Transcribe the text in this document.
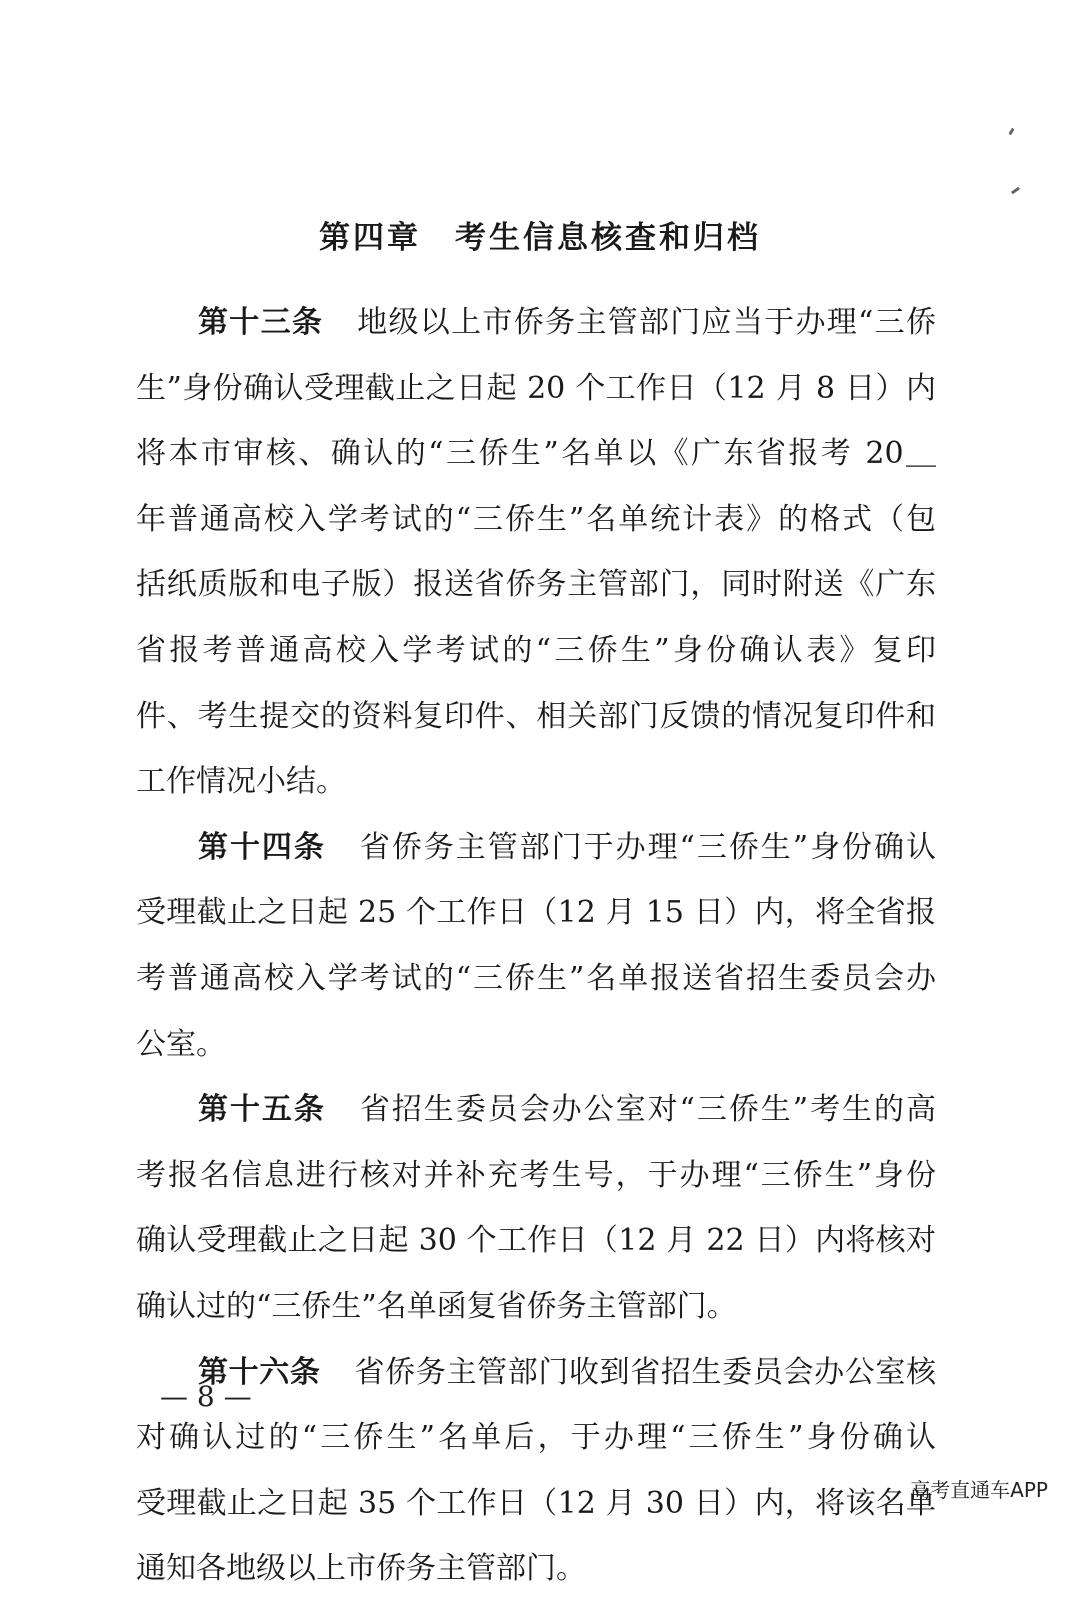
第四章　考生信息核查和归档
第十三条 地级以上市侨务主管部门应当于办理“三侨
生”身份确认受理截止之日起 20 个工作日（12 月 8 日）内
将本市审核、确认的“三侨生”名单以《广东省报考 20＿
年普通高校入学考试的“三侨生”名单统计表》的格式（包
括纸质版和电子版）报送省侨务主管部门，同时附送《广东
省报考普通高校入学考试的“三侨生”身份确认表》复印
件、考生提交的资料复印件、相关部门反馈的情况复印件和
工作情况小结。
第十四条 省侨务主管部门于办理“三侨生”身份确认
受理截止之日起 25 个工作日（12 月 15 日）内，将全省报
考普通高校入学考试的“三侨生”名单报送省招生委员会办
公室。
第十五条 省招生委员会办公室对“三侨生”考生的高
考报名信息进行核对并补充考生号，于办理“三侨生”身份
确认受理截止之日起 30 个工作日（12 月 22 日）内将核对
确认过的“三侨生”名单函复省侨务主管部门。
第十六条 省侨务主管部门收到省招生委员会办公室核
对确认过的“三侨生”名单后，于办理“三侨生”身份确认
受理截止之日起 35 个工作日（12 月 30 日）内，将该名单
通知各地级以上市侨务主管部门。
— 8 —
高考直通车APP
